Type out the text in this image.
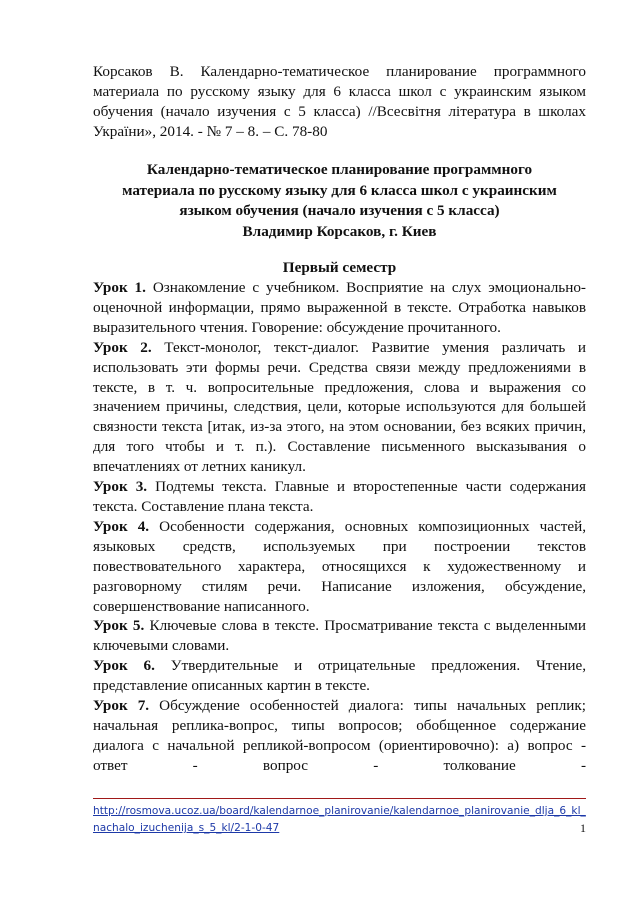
Корсаков В. Календарно-тематическое планирование программного материала по русскому языку для 6 класса школ с украинским языком обучения (начало изучения с 5 класса) //Всесвітня література в школах України», 2014. - № 7 – 8. – С. 78-80

Календарно-тематическое планирование программного
материала по русскому языку для 6 класса школ с украинским
языком обучения (начало изучения с 5 класса)
Владимир Корсаков, г. Киев
Первый семестр

Урок 1. Ознакомление с учебником. Восприятие на слух эмоционально-оценочной информации, прямо выраженной в тексте. Отработка навыков выразительного чтения. Говорение: обсуждение прочитанного.

Урок 2. Текст-монолог, текст-диалог. Развитие умения различать и использовать эти формы речи. Средства связи между предложениями в тексте, в т. ч. вопросительные предложения, слова и выражения со значением причины, следствия, цели, которые используются для большей связности текста [итак, из-за этого, на этом основании, без всяких причин, для того чтобы и т. п.). Составление письменного высказывания о впечатлениях от летних каникул.

Урок 3. Подтемы текста. Главные и второстепенные части содержания текста. Составление плана текста.

Урок 4. Особенности содержания, основных композиционных частей, языковых средств, используемых при построении текстов повествовательного характера, относящихся к художественному и разговорному стилям речи. Написание изложения, обсуждение, совершенствование написанного.

Урок 5. Ключевые слова в тексте. Просматривание текста с выделенными ключевыми словами.

Урок 6. Утвердительные и отрицательные предложения. Чтение, представление описанных картин в тексте.

Урок 7. Обсуждение особенностей диалога: типы начальных реплик; начальная реплика-вопрос, типы вопросов; обобщенное содержание диалога с начальной репликой-вопросом (ориентировочно): а) вопрос - ответ - вопрос - толкование -

http://rosmova.ucoz.ua/board/kalendarnoe_planirovanie/kalendarnoe_planirovanie_dlja_6_kl_
nachalo_izuchenija_s_5_kl/2-1-0-47	1
